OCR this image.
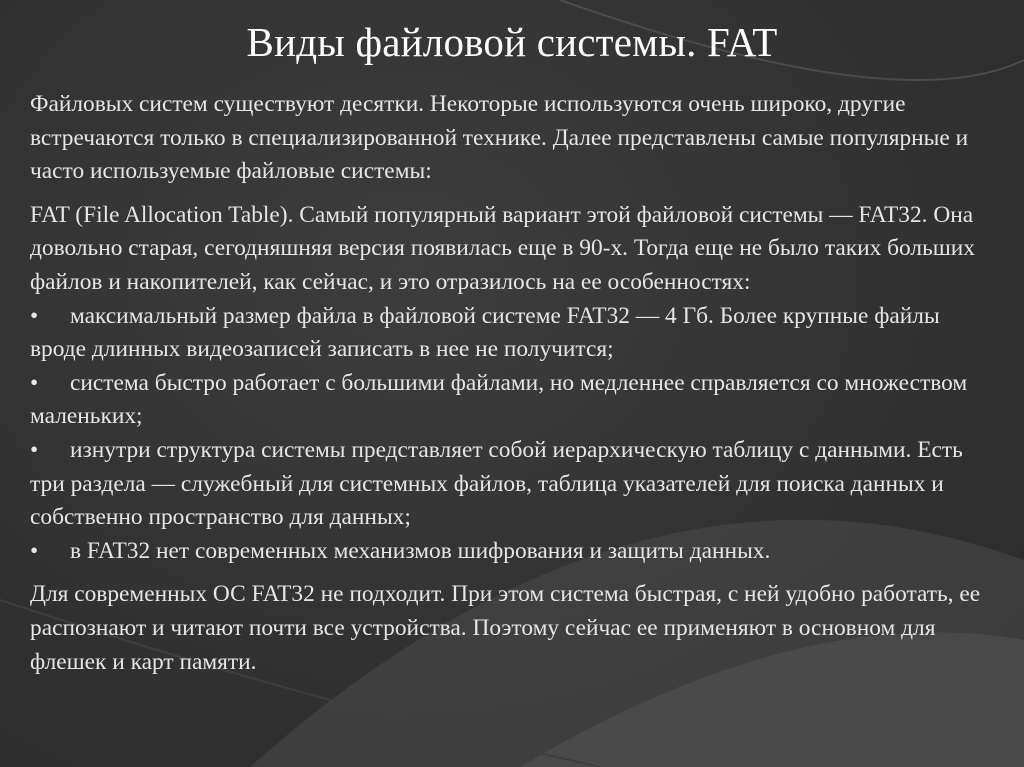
Виды файловой системы. FAT

Файловых систем существуют десятки. Некоторые используются очень широко, другие встречаются только в специализированной технике. Далее представлены самые популярные и часто используемые файловые системы:

FAT (File Allocation Table). Самый популярный вариант этой файловой системы — FAT32. Она довольно старая, сегодняшняя версия появилась еще в 90-х. Тогда еще не было таких больших файлов и накопителей, как сейчас, и это отразилось на ее особенностях:

• максимальный размер файла в файловой системе FAT32 — 4 Гб. Более крупные файлы вроде длинных видеозаписей записать в нее не получится;
• система быстро работает с большими файлами, но медленнее справляется со множеством маленьких;
• изнутри структура системы представляет собой иерархическую таблицу с данными. Есть три раздела — служебный для системных файлов, таблица указателей для поиска данных и собственно пространство для данных;
• в FAT32 нет современных механизмов шифрования и защиты данных.

Для современных ОС FAT32 не подходит. При этом система быстрая, с ней удобно работать, ее распознают и читают почти все устройства. Поэтому сейчас ее применяют в основном для флешек и карт памяти.
